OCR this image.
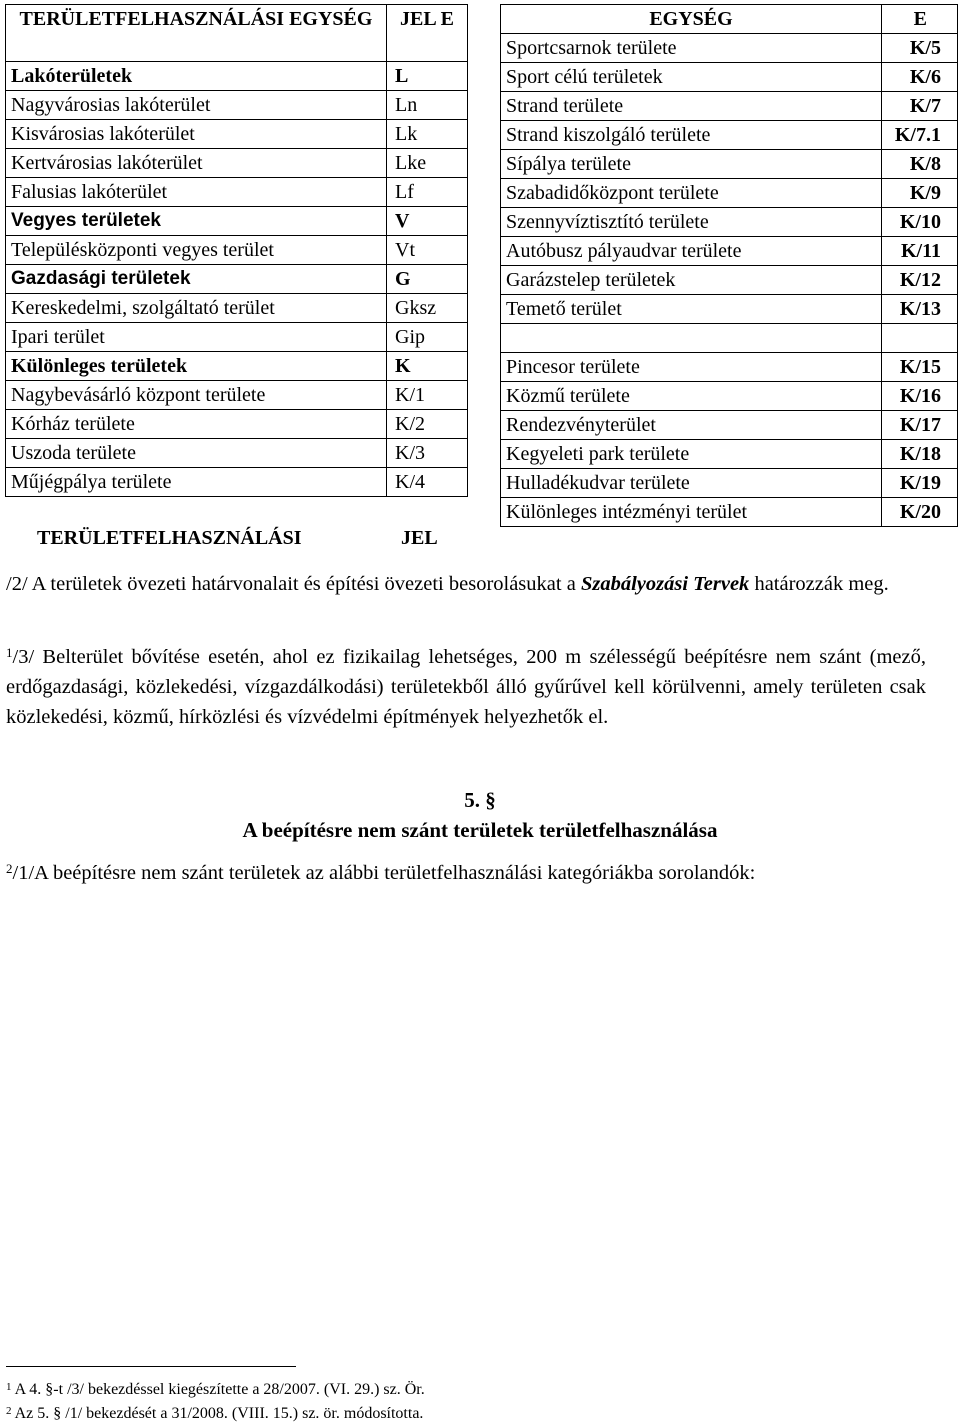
TERÜLETFELHASZNÁLÁSI EGYSÉG	JEL E
Lakóterületek	L
Nagyvárosias lakóterület	Ln
Kisvárosias lakóterület	Lk
Kertvárosias lakóterület	Lke
Falusias lakóterület	Lf
Vegyes területek	V
Településközponti vegyes terület	Vt
Gazdasági területek	G
Kereskedelmi, szolgáltató terület	Gksz
Ipari terület	Gip
Különleges területek	K
Nagybevásárló központ területe	K/1
Kórház területe	K/2
Uszoda területe	K/3
Műjégpálya területe	K/4
TERÜLETFELHASZNÁLÁSI	JEL
EGYSÉG	E
Sportcsarnok területe	K/5
Sport célú területek	K/6
Strand területe	K/7
Strand kiszolgáló területe	K/7.1
Sípálya területe	K/8
Szabadidőközpont területe	K/9
Szennyvíztisztító területe	K/10
Autóbusz pályaudvar területe	K/11
Garázstelep területek	K/12
Temető terület	K/13

Pincesor területe	K/15
Közmű területe	K/16
Rendezvényterület	K/17
Kegyeleti park területe	K/18
Hulladékudvar területe	K/19
Különleges intézményi terület	K/20
/2/ A területek övezeti határvonalait és építési övezeti besorolásukat a Szabályozási Tervek határozzák meg.
$^1$/3/ Belterület bővítése esetén, ahol ez fizikailag lehetséges, 200 m szélességű beépítésre nem szánt (mező, erdőgazdasági, közlekedési, vízgazdálkodási) területekből álló gyűrűvel kell körülvenni, amely területen csak közlekedési, közmű, hírközlési és vízvédelmi építmények helyezhetők el.
5. §
A beépítésre nem szánt területek területfelhasználása
$^2$/1/A beépítésre nem szánt területek az alábbi területfelhasználási kategóriákba sorolandók:
$^1$ A 4. §-t /3/ bekezdéssel kiegészítette a 28/2007. (VI. 29.) sz. Ör.
$^2$ Az 5. § /1/ bekezdését a 31/2008. (VIII. 15.) sz. ör. módosította.
